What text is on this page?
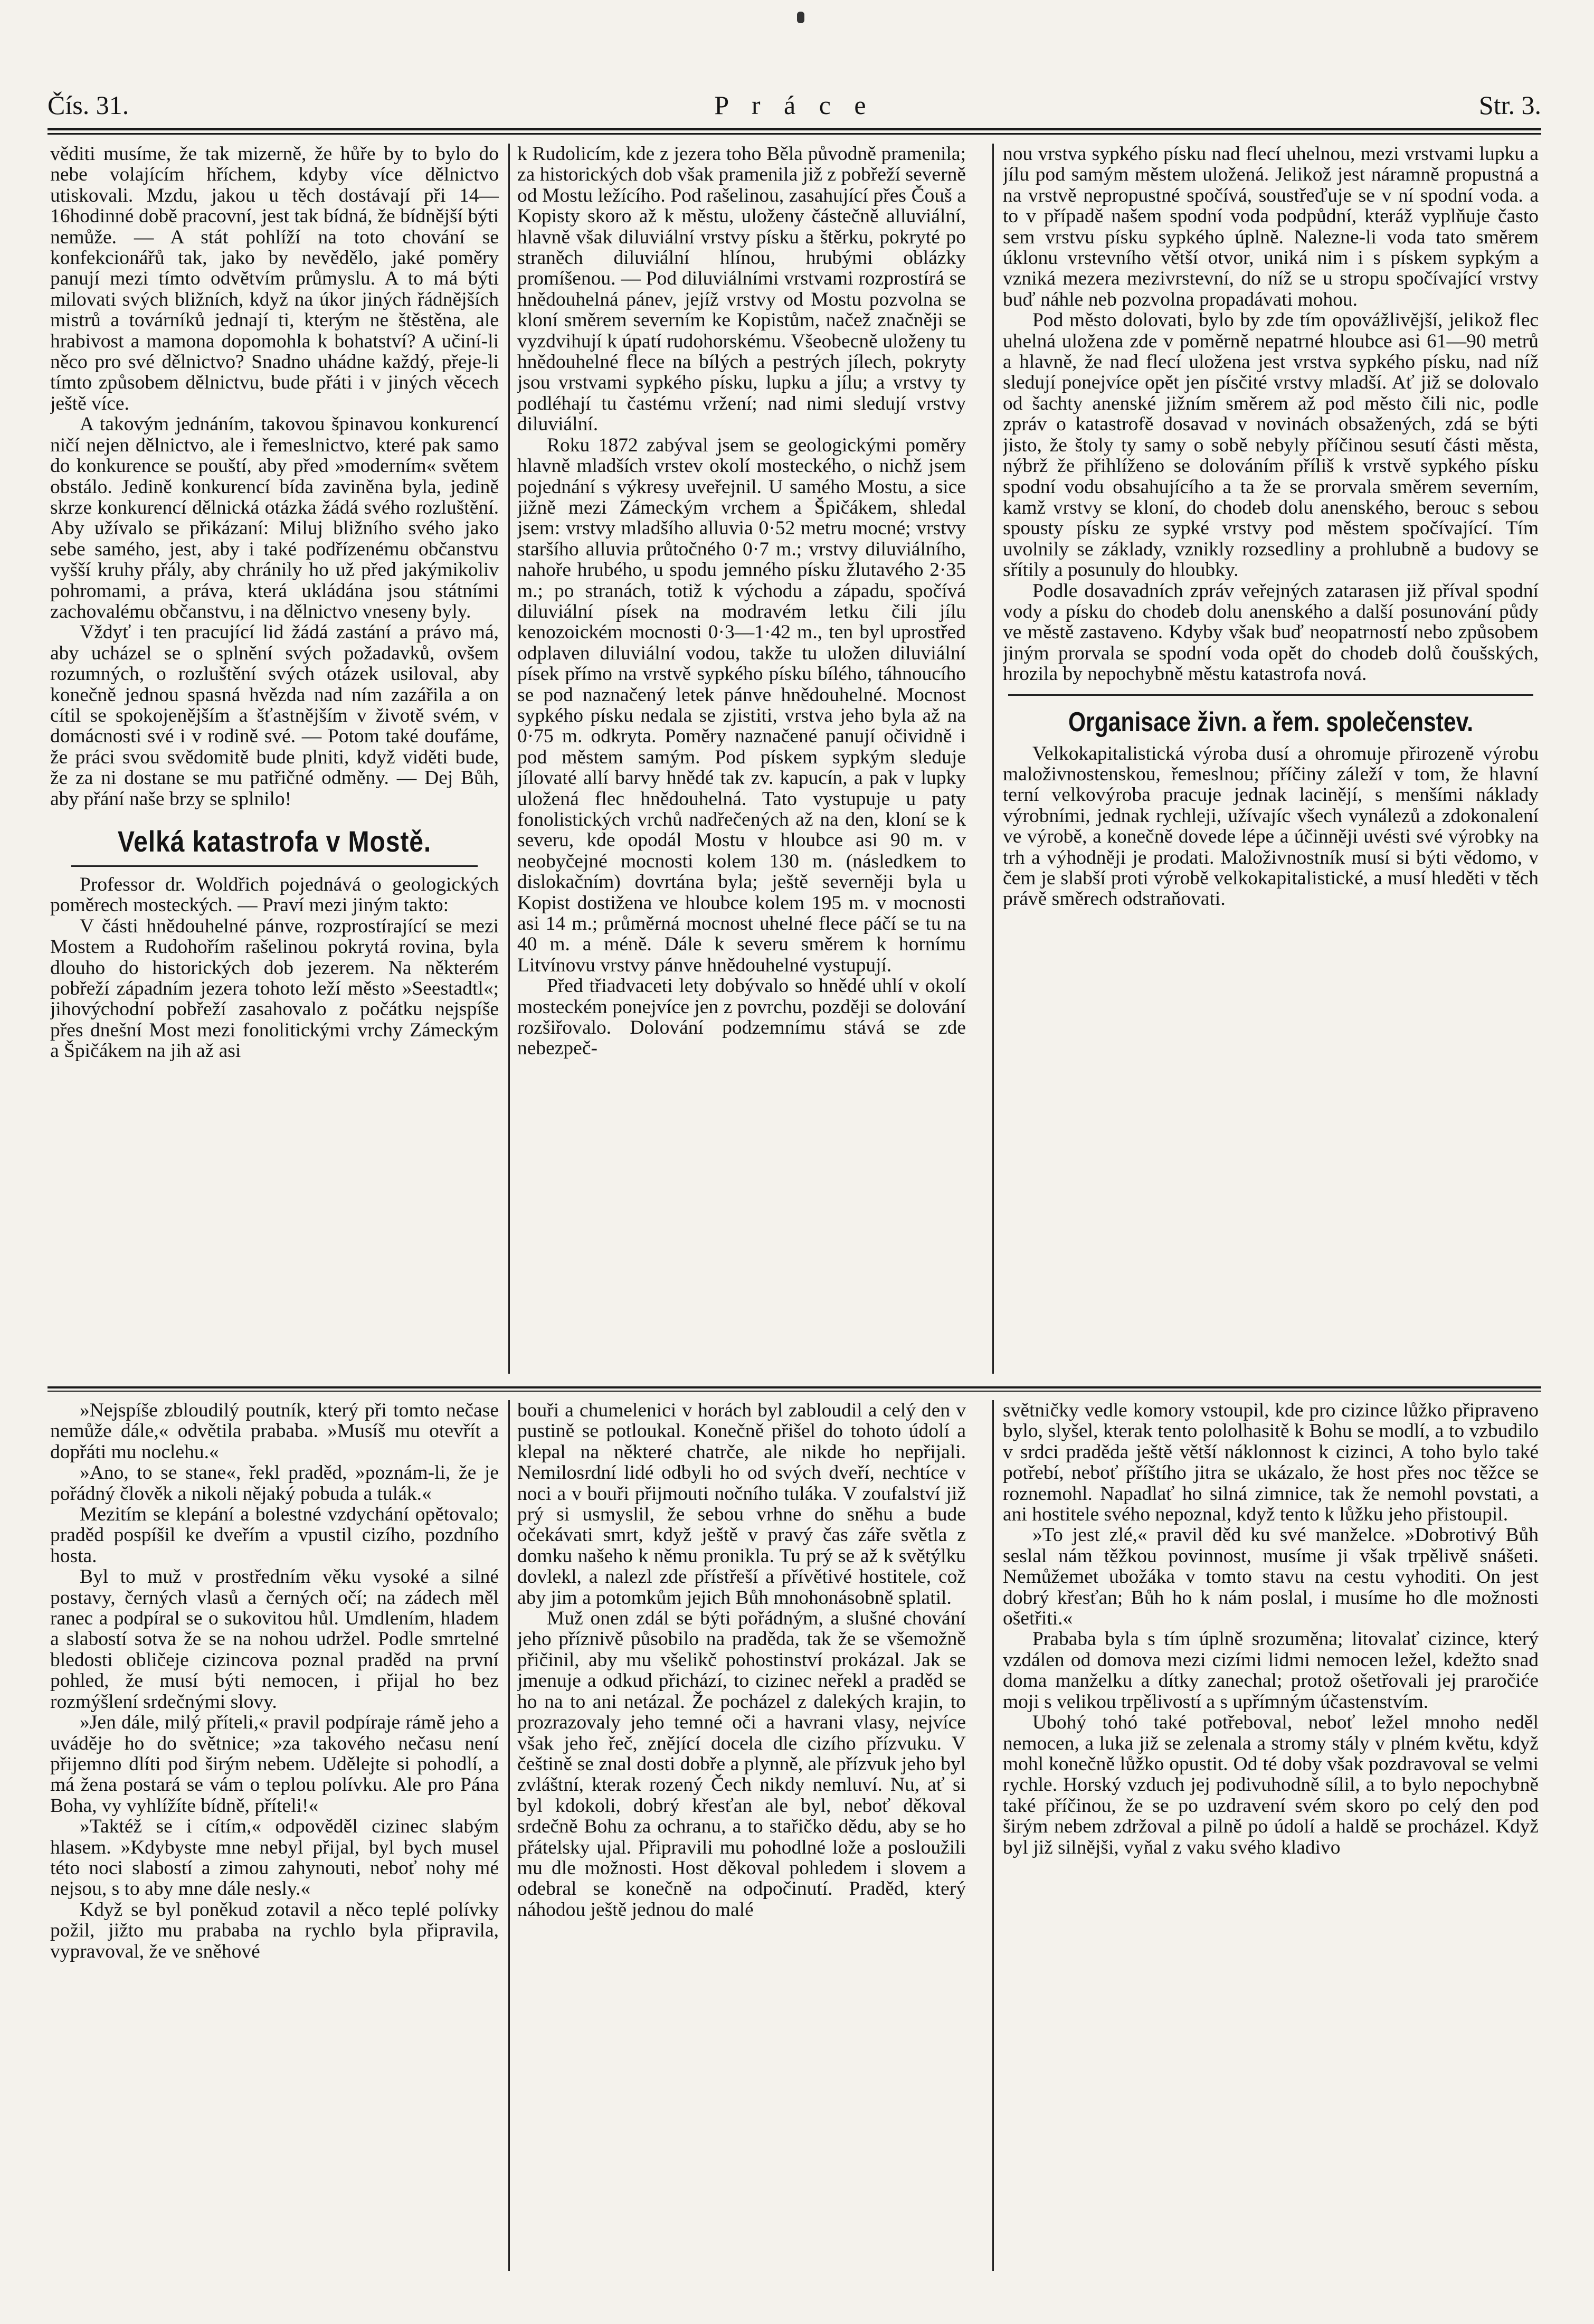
Čís. 31.	P r á c e	Str. 3.

věditi musíme, že tak mizerně, že hůře by to bylo do nebe volajícím hříchem, kdyby více dělnictvo utiskovali. Mzdu, jakou u těch dostávají při 14—16hodinné době pracovní, jest tak bídná, že bídnější býti nemůže. — A stát pohlíží na toto chování se konfekcionářů tak, jako by nevědělo, jaké poměry panují mezi tímto odvětvím průmyslu. A to má býti milovati svých bližních, když na úkor jiných řádnějších mistrů a továrníků jednají ti, kterým ne štěstěna, ale hrabivost a mamona dopomohla k bohatství? A učiní-li něco pro své dělnictvo? Snadno uhádne každý, přeje-li tímto způsobem dělnictvu, bude přáti i v jiných věcech ještě více.

A takovým jednáním, takovou špinavou konkurencí ničí nejen dělnictvo, ale i řemeslnictvo, které pak samo do konkurence se pouští, aby před »moderním« světem obstálo. Jedině konkurencí bída zaviněna byla, jedině skrze konkurencí dělnická otázka žádá svého rozluštění. Aby užívalo se přikázaní: Miluj bližního svého jako sebe samého, jest, aby i také podřízenému občanstvu vyšší kruhy přály, aby chránily ho už před jakýmikoliv pohromami, a práva, která ukládána jsou státními zachovalému občanstvu, i na dělnictvo vneseny byly.

Vždyť i ten pracující lid žádá zastání a právo má, aby ucházel se o splnění svých požadavků, ovšem rozumných, o rozluštění svých otázek usiloval, aby konečně jednou spasná hvězda nad ním zazářila a on cítil se spokojenějším a šťastnějším v životě svém, v domácnosti své i v rodině své. — Potom také doufáme, že práci svou svědomitě bude plniti, když viděti bude, že za ni dostane se mu patřičné odměny. — Dej Bůh, aby přání naše brzy se splnilo!

Velká katastrofa v Mostě.

Professor dr. Woldřich pojednává o geologických poměrech mosteckých. — Praví mezi jiným takto:

V části hnědouhelné pánve, rozprostírající se mezi Mostem a Rudohořím rašelinou pokrytá rovina, byla dlouho do historických dob jezerem. Na některém pobřeží západním jezera tohoto leží město »Seestadtl«; jihovýchodní pobřeží zasahovalo z počátku nejspíše přes dnešní Most mezi fonolitickými vrchy Zámeckým a Špičákem na jih až asi

k Rudolicím, kde z jezera toho Běla původně pramenila; za historických dob však pramenila již z pobřeží severně od Mostu ležícího. Pod rašelinou, zasahující přes Čouš a Kopisty skoro až k městu, uloženy částečně alluviální, hlavně však diluviální vrstvy písku a štěrku, pokryté po straněch diluviální hlínou, hrubými oblázky promíšenou. — Pod diluviálními vrstvami rozprostírá se hnědouhelná pánev, jejíž vrstvy od Mostu pozvolna se kloní směrem severním ke Kopistům, načež značněji se vyzdvihují k úpatí rudohorskému. Všeobecně uloženy tu hnědouhelné flece na bílých a pestrých jílech, pokryty jsou vrstvami sypkého písku, lupku a jílu; a vrstvy ty podléhají tu častému vržení; nad nimi sledují vrstvy diluviální.

Roku 1872 zabýval jsem se geologickými poměry hlavně mladších vrstev okolí mosteckého, o nichž jsem pojednání s výkresy uveřejnil. U samého Mostu, a sice jižně mezi Zámeckým vrchem a Špičákem, shledal jsem: vrstvy mladšího alluvia 0·52 metru mocné; vrstvy staršího alluvia průtočného 0·7 m.; vrstvy diluviálního, nahoře hrubého, u spodu jemného písku žlutavého 2·35 m.; po stranách, totiž k východu a západu, spočívá diluviální písek na modravém letku čili jílu kenozoickém mocnosti 0·3—1·42 m., ten byl uprostřed odplaven diluviální vodou, takže tu uložen diluviální písek přímo na vrstvě sypkého písku bílého, táhnoucího se pod naznačený letek pánve hnědouhelné. Mocnost sypkého písku nedala se zjistiti, vrstva jeho byla až na 0·75 m. odkryta. Poměry naznačené panují očividně i pod městem samým. Pod pískem sypkým sleduje jílovaté allí barvy hnědé tak zv. kapucín, a pak v lupky uložená flec hnědouhelná. Tato vystupuje u paty fonolistických vrchů nadřečených až na den, kloní se k severu, kde opodál Mostu v hloubce asi 90 m. v neobyčejné mocnosti kolem 130 m. (následkem to dislokačním) dovrtána byla; ještě severněji byla u Kopist dostižena ve hloubce kolem 195 m. v mocnosti asi 14 m.; průměrná mocnost uhelné flece páčí se tu na 40 m. a méně. Dále k severu směrem k hornímu Litvínovu vrstvy pánve hnědouhelné vystupují.

Před třiadvaceti lety dobývalo so hnědé uhlí v okolí mosteckém ponejvíce jen z povrchu, později se dolování rozšiřovalo. Dolování podzemnímu stává se zde nebezpeč-

nou vrstva sypkého písku nad flecí uhelnou, mezi vrstvami lupku a jílu pod samým městem uložená. Jelikož jest náramně propustná a na vrstvě nepropustné spočívá, soustřeďuje se v ní spodní voda. a to v případě našem spodní voda podpůdní, kteráž vyplňuje často sem vrstvu písku sypkého úplně. Nalezne-li voda tato směrem úklonu vrstevního větší otvor, uniká nim i s pískem sypkým a vzniká mezera mezivrstevní, do níž se u stropu spočívající vrstvy buď náhle neb pozvolna propadávati mohou.

Pod město dolovati, bylo by zde tím opovážlivější, jelikož flec uhelná uložena zde v poměrně nepatrné hloubce asi 61—90 metrů a hlavně, že nad flecí uložena jest vrstva sypkého písku, nad níž sledují ponejvíce opět jen písčité vrstvy mladší. Ať již se dolovalo od šachty anenské jižním směrem až pod město čili nic, podle zpráv o katastrofě dosavad v novinách obsažených, zdá se býti jisto, že štoly ty samy o sobě nebyly příčinou sesutí části města, nýbrž že přihlíženo se dolováním příliš k vrstvě sypkého písku spodní vodu obsahujícího a ta že se prorvala směrem severním, kamž vrstvy se kloní, do chodeb dolu anenského, berouc s sebou spousty písku ze sypké vrstvy pod městem spočívající. Tím uvolnily se základy, vznikly rozsedliny a prohlubně a budovy se sřítily a posunuly do hloubky.

Podle dosavadních zpráv veřejných zatarasen již příval spodní vody a písku do chodeb dolu anenského a další posunování půdy ve městě zastaveno. Kdyby však buď neopatrností nebo způsobem jiným prorvala se spodní voda opět do chodeb dolů čoušských, hrozila by nepochybně městu katastrofa nová.

Organisace živn. a řem. společenstev.

Velkokapitalistická výroba dusí a ohromuje přirozeně výrobu maloživnostenskou, řemeslnou; příčiny záleží v tom, že hlavní terní velkovýroba pracuje jednak lacinějí, s menšími náklady výrobními, jednak rychleji, užívajíc všech vynálezů a zdokonalení ve výrobě, a konečně dovede lépe a účinněji uvésti své výrobky na trh a výhodněji je prodati. Maloživnostník musí si býti vědomo, v čem je slabší proti výrobě velkokapitalistické, a musí hleděti v těch právě směrech odstraňovati.

»Nejspíše zbloudilý poutník, který při tomto nečase nemůže dále,« odvětila prababa. »Musíš mu otevřít a dopřáti mu noclehu.«

»Ano, to se stane«, řekl praděd, »poznám-li, že je pořádný člověk a nikoli nějaký pobuda a tulák.«

Mezitím se klepání a bolestné vzdychání opětovalo; praděd pospíšil ke dveřím a vpustil cizího, pozdního hosta.

Byl to muž v prostředním věku vysoké a silné postavy, černých vlasů a černých očí; na zádech měl ranec a podpíral se o sukovitou hůl. Umdlením, hladem a slabostí sotva že se na nohou udržel. Podle smrtelné bledosti obličeje cizincova poznal praděd na první pohled, že musí býti nemocen, i přijal ho bez rozmýšlení srdečnými slovy.

»Jen dále, milý příteli,« pravil podpíraje rámě jeho a uváděje ho do světnice; »za takového nečasu není přijemno dlíti pod širým nebem. Udělejte si pohodlí, a má žena postará se vám o teplou polívku. Ale pro Pána Boha, vy vyhlížíte bídně, příteli!«

»Taktéž se i cítím,« odpověděl cizinec slabým hlasem. »Kdybyste mne nebyl přijal, byl bych musel této noci slabostí a zimou zahynouti, neboť nohy mé nejsou, s to aby mne dále nesly.«

Když se byl poněkud zotavil a něco teplé polívky požil, jižto mu prababa na rychlo byla připravila, vypravoval, že ve sněhové

bouři a chumelenici v horách byl zabloudil a celý den v pustině se potloukal. Konečně přišel do tohoto údolí a klepal na některé chatrče, ale nikde ho nepřijali. Nemilosrdní lidé odbyli ho od svých dveří, nechtíce v noci a v bouři přijmouti nočního tuláka. V zoufalství již prý si usmyslil, že sebou vrhne do sněhu a bude očekávati smrt, když ještě v pravý čas záře světla z domku našeho k němu pronikla. Tu prý se až k světýlku dovlekl, a nalezl zde přístřeší a přívětivé hostitele, což aby jim a potomkům jejich Bůh mnohonásobně splatil.

Muž onen zdál se býti pořádným, a slušné chování jeho příznivě působilo na praděda, tak že se všemožně přičinil, aby mu všelikč pohostinství prokázal. Jak se jmenuje a odkud přichází, to cizinec neřekl a praděd se ho na to ani netázal. Že pocházel z dalekých krajin, to prozrazovaly jeho temné oči a havrani vlasy, nejvíce však jeho řeč, znějící docela dle cizího přízvuku. V češtině se znal dosti dobře a plynně, ale přízvuk jeho byl zvláštní, kterak rozený Čech nikdy nemluví. Nu, ať si byl kdokoli, dobrý křesťan ale byl, neboť děkoval srdečně Bohu za ochranu, a to stařičko dědu, aby se ho přátelsky ujal. Připravili mu pohodlné lože a posloužili mu dle možnosti. Host děkoval pohledem i slovem a odebral se konečně na odpočinutí. Praděd, který náhodou ještě jednou do malé

světničky vedle komory vstoupil, kde pro cizince lůžko připraveno bylo, slyšel, kterak tento pololhasitě k Bohu se modlí, a to vzbudilo v srdci praděda ještě větší náklonnost k cizinci, A toho bylo také potřebí, neboť příštího jitra se ukázalo, že host přes noc těžce se roznemohl. Napadlať ho silná zimnice, tak že nemohl povstati, a ani hostitele svého nepoznal, když tento k lůžku jeho přistoupil.

»To jest zlé,« pravil děd ku své manželce. »Dobrotivý Bůh seslal nám těžkou povinnost, musíme ji však trpělivě snášeti. Nemůžemet ubožáka v tomto stavu na cestu vyhoditi. On jest dobrý křesťan; Bůh ho k nám poslal, i musíme ho dle možnosti ošetřiti.«

Prababa byla s tím úplně srozuměna; litovalať cizince, který vzdálen od domova mezi cizími lidmi nemocen ležel, kdežto snad doma manželku a dítky zanechal; protož ošetřovali jej praročiće moji s velikou trpělivostí a s upřímným účastenstvím.

Ubohý tohó také potřeboval, neboť ležel mnoho neděl nemocen, a luka již se zelenala a stromy stály v plném květu, když mohl konečně lůžko opustit. Od té doby však pozdravoval se velmi rychle. Horský vzduch jej podivuhodně sílil, a to bylo nepochybně také příčinou, že se po uzdravení svém skoro po celý den pod širým nebem zdržoval a pilně po údolí a haldě se procházel. Když byl již silnějši, vyňal z vaku svého kladivo
